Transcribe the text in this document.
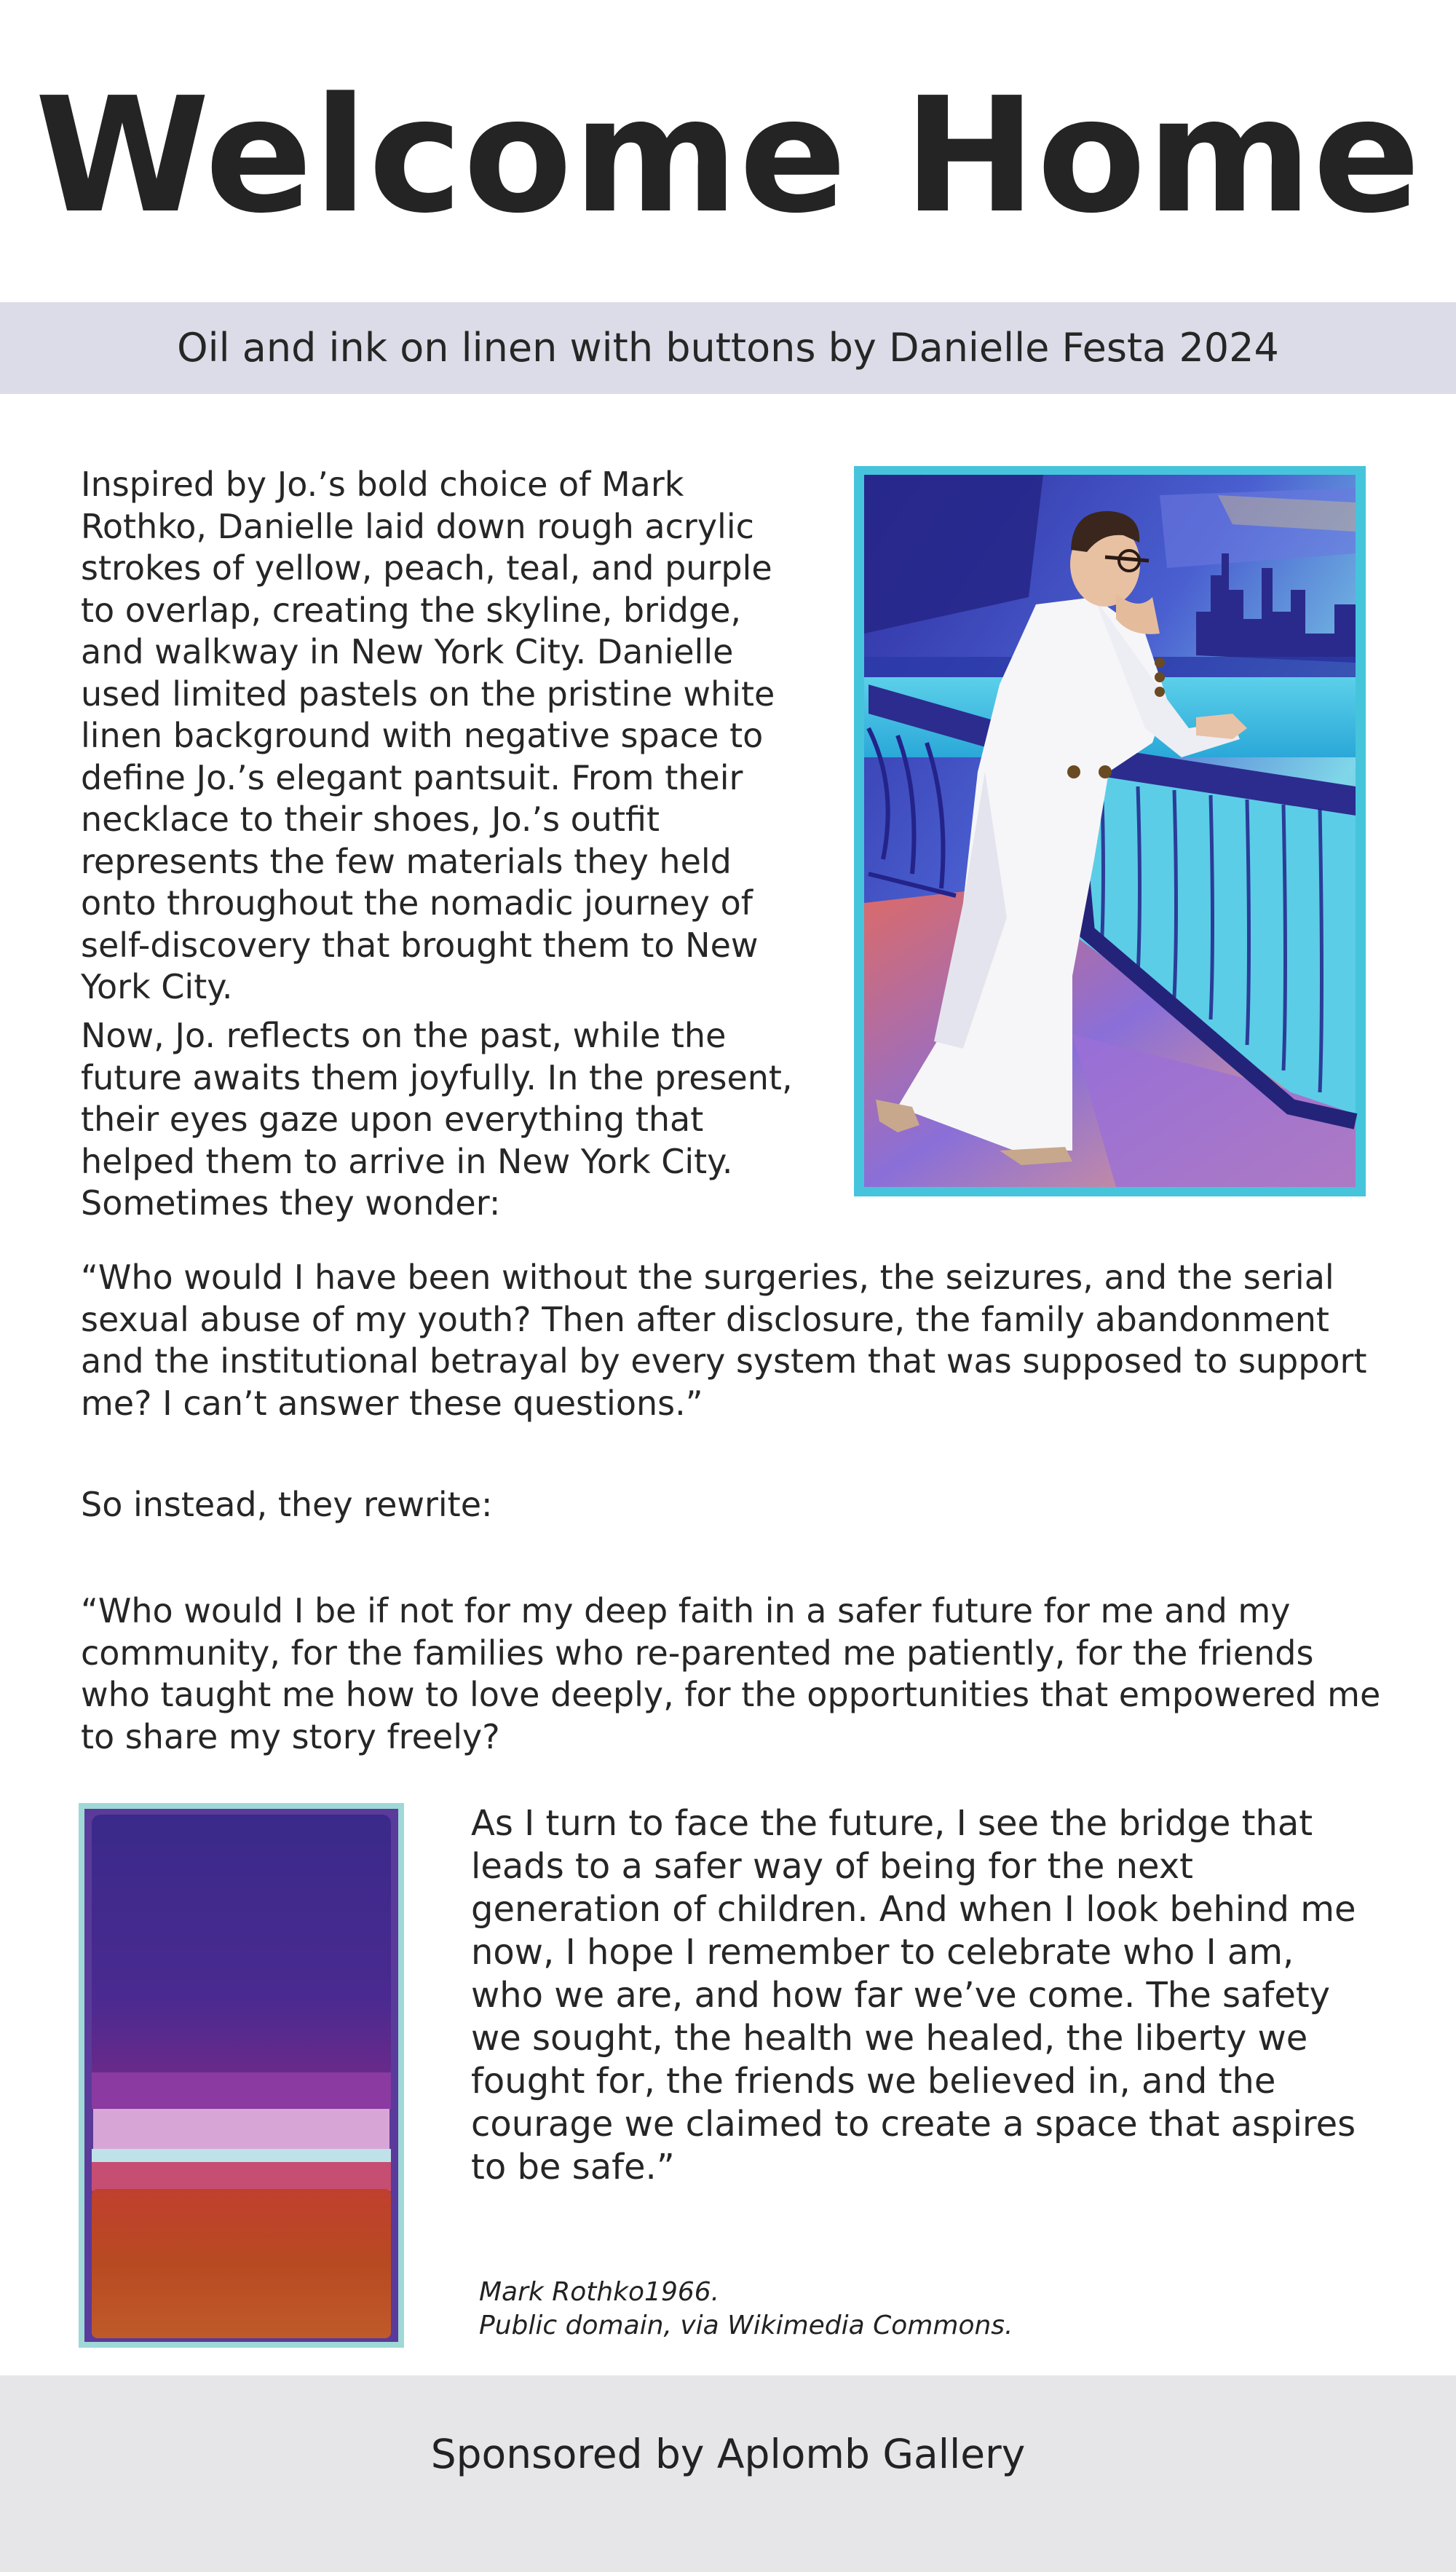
Welcome Home
Oil and ink on linen with buttons by Danielle Festa 2024

Inspired by Jo.’s bold choice of Mark Rothko, Danielle laid down rough acrylic strokes of yellow, peach, teal, and purple to overlap, creating the skyline, bridge, and walkway in New York City. Danielle used limited pastels on the pristine white linen background with negative space to define Jo.’s elegant pantsuit. From their necklace to their shoes, Jo.’s outfit represents the few materials they held onto throughout the nomadic journey of self-discovery that brought them to New York City.

Now, Jo. reflects on the past, while the future awaits them joyfully. In the present, their eyes gaze upon everything that helped them to arrive in New York City. Sometimes they wonder:

“Who would I have been without the surgeries, the seizures, and the serial sexual abuse of my youth? Then after disclosure, the family abandonment and the institutional betrayal by every system that was supposed to support me? I can’t answer these questions.”

So instead, they rewrite:

“Who would I be if not for my deep faith in a safer future for me and my community, for the families who re-parented me patiently, for the friends who taught me how to love deeply, for the opportunities that empowered me to share my story freely?

As I turn to face the future, I see the bridge that leads to a safer way of being for the next generation of children. And when I look behind me now, I hope I remember to celebrate who I am, who we are, and how far we’ve come. The safety we sought, the health we healed, the liberty we fought for, the friends we believed in, and the courage we claimed to create a space that aspires to be safe.”

Mark Rothko1966.
Public domain, via Wikimedia Commons.
Sponsored by Aplomb Gallery
